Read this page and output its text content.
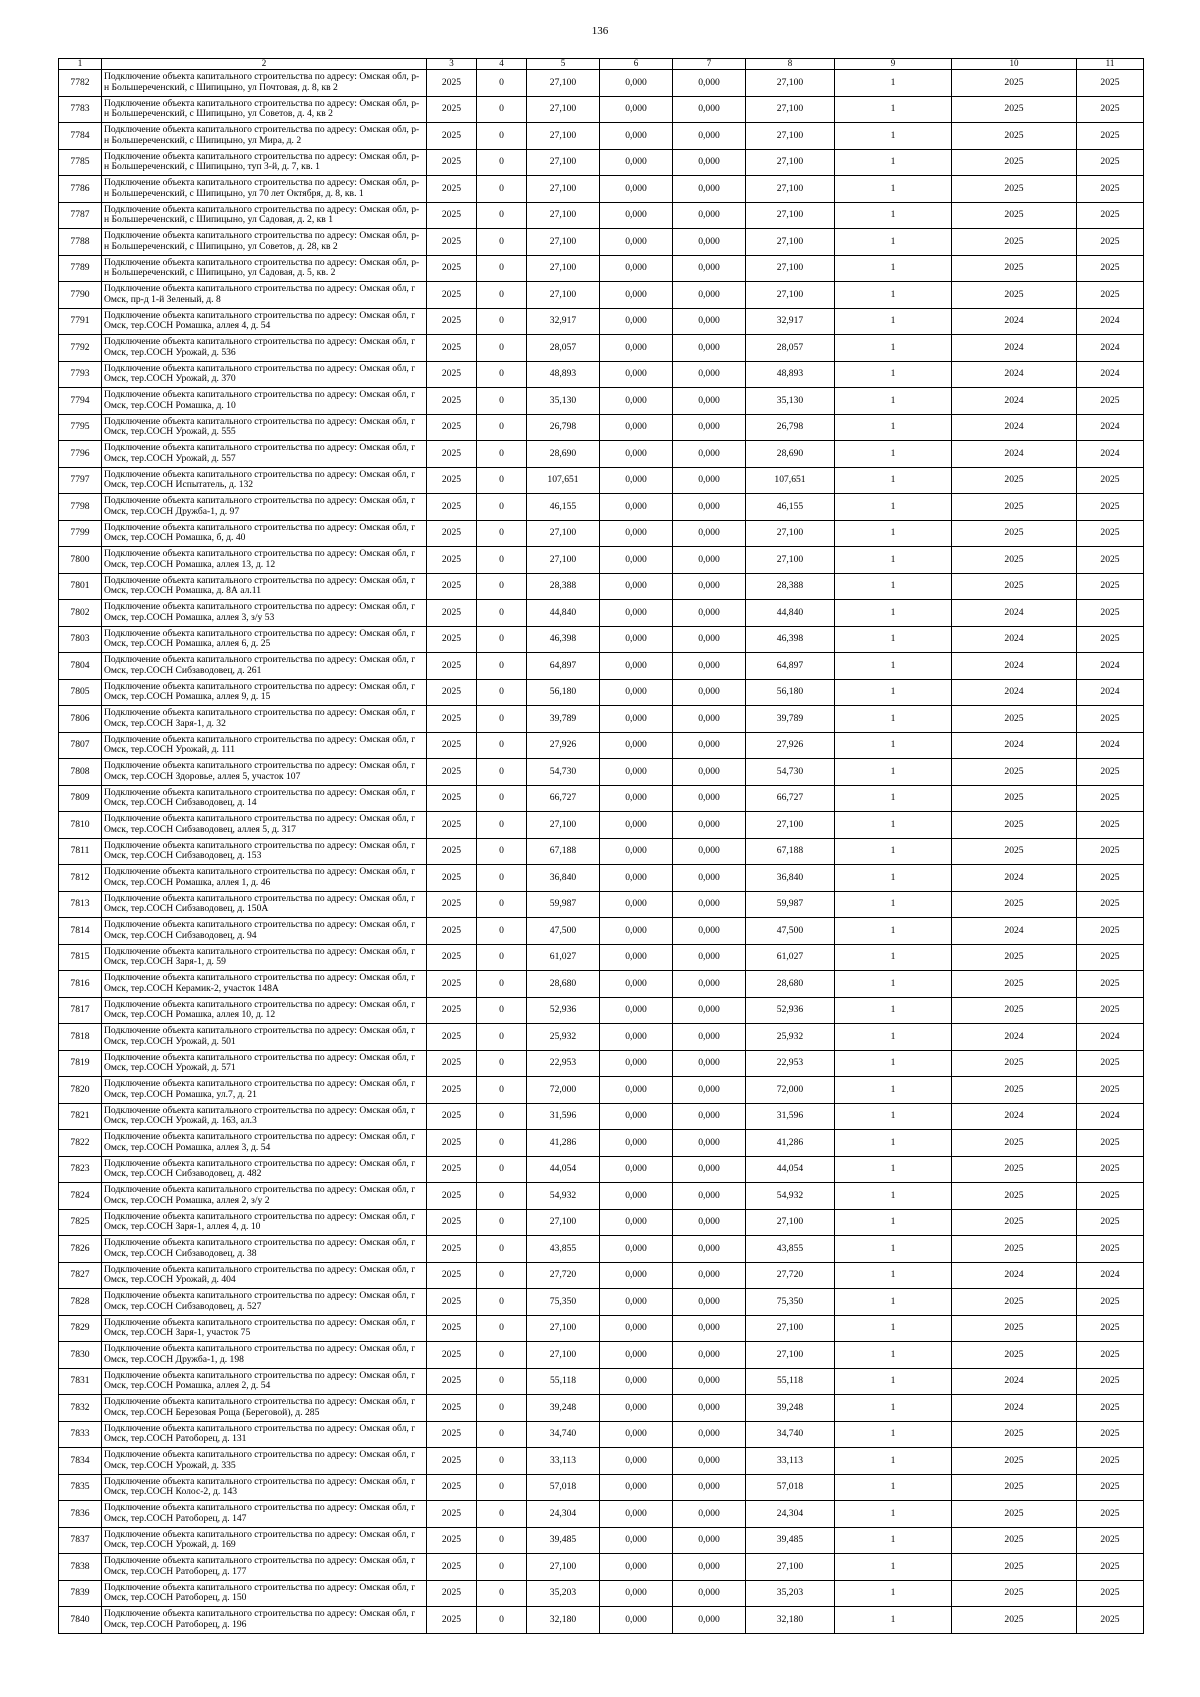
136
1	2	3	4	5	6	7	8	9	10	11
7782	Подключение объекта капитального строительства по адресу: Омская обл, р-н Большереченский, с Шипицыно, ул Почтовая, д. 8, кв 2	2025	0	27,100	0,000	0,000	27,100	1	2025	2025
7783	Подключение объекта капитального строительства по адресу: Омская обл, р-н Большереченский, с Шипицыно, ул Советов, д. 4, кв 2	2025	0	27,100	0,000	0,000	27,100	1	2025	2025
7784	Подключение объекта капитального строительства по адресу: Омская обл, р-н Большереченский, с Шипицыно, ул Мира, д. 2	2025	0	27,100	0,000	0,000	27,100	1	2025	2025
7785	Подключение объекта капитального строительства по адресу: Омская обл, р-н Большереченский, с Шипицыно, туп 3-й, д. 7, кв. 1	2025	0	27,100	0,000	0,000	27,100	1	2025	2025
7786	Подключение объекта капитального строительства по адресу: Омская обл, р-н Большереченский, с Шипицыно, ул 70 лет Октября, д. 8, кв. 1	2025	0	27,100	0,000	0,000	27,100	1	2025	2025
7787	Подключение объекта капитального строительства по адресу: Омская обл, р-н Большереченский, с Шипицыно, ул Садовая, д. 2, кв 1	2025	0	27,100	0,000	0,000	27,100	1	2025	2025
7788	Подключение объекта капитального строительства по адресу: Омская обл, р-н Большереченский, с Шипицыно, ул Советов, д. 28, кв 2	2025	0	27,100	0,000	0,000	27,100	1	2025	2025
7789	Подключение объекта капитального строительства по адресу: Омская обл, р-н Большереченский, с Шипицыно, ул Садовая, д. 5, кв. 2	2025	0	27,100	0,000	0,000	27,100	1	2025	2025
7790	Подключение объекта капитального строительства по адресу: Омская обл, г Омск, пр-д 1-й Зеленый, д. 8	2025	0	27,100	0,000	0,000	27,100	1	2025	2025
7791	Подключение объекта капитального строительства по адресу: Омская обл, г Омск, тер.СОСН Ромашка, аллея 4, д. 54	2025	0	32,917	0,000	0,000	32,917	1	2024	2024
7792	Подключение объекта капитального строительства по адресу: Омская обл, г Омск, тер.СОСН Урожай, д. 536	2025	0	28,057	0,000	0,000	28,057	1	2024	2024
7793	Подключение объекта капитального строительства по адресу: Омская обл, г Омск, тер.СОСН Урожай, д. 370	2025	0	48,893	0,000	0,000	48,893	1	2024	2024
7794	Подключение объекта капитального строительства по адресу: Омская обл, г Омск, тер.СОСН Ромашка, д. 10	2025	0	35,130	0,000	0,000	35,130	1	2024	2025
7795	Подключение объекта капитального строительства по адресу: Омская обл, г Омск, тер.СОСН Урожай, д. 555	2025	0	26,798	0,000	0,000	26,798	1	2024	2024
7796	Подключение объекта капитального строительства по адресу: Омская обл, г Омск, тер.СОСН Урожай, д. 557	2025	0	28,690	0,000	0,000	28,690	1	2024	2024
7797	Подключение объекта капитального строительства по адресу: Омская обл, г Омск, тер.СОСН Испытатель, д. 132	2025	0	107,651	0,000	0,000	107,651	1	2025	2025
7798	Подключение объекта капитального строительства по адресу: Омская обл, г Омск, тер.СОСН Дружба-1, д. 97	2025	0	46,155	0,000	0,000	46,155	1	2025	2025
7799	Подключение объекта капитального строительства по адресу: Омская обл, г Омск, тер.СОСН Ромашка, б, д. 40	2025	0	27,100	0,000	0,000	27,100	1	2025	2025
7800	Подключение объекта капитального строительства по адресу: Омская обл, г Омск, тер.СОСН Ромашка, аллея 13, д. 12	2025	0	27,100	0,000	0,000	27,100	1	2025	2025
7801	Подключение объекта капитального строительства по адресу: Омская обл, г Омск, тер.СОСН Ромашка, д. 8А ал.11	2025	0	28,388	0,000	0,000	28,388	1	2025	2025
7802	Подключение объекта капитального строительства по адресу: Омская обл, г Омск, тер.СОСН Ромашка, аллея 3, з/у 53	2025	0	44,840	0,000	0,000	44,840	1	2024	2025
7803	Подключение объекта капитального строительства по адресу: Омская обл, г Омск, тер.СОСН Ромашка, аллея 6, д. 25	2025	0	46,398	0,000	0,000	46,398	1	2024	2025
7804	Подключение объекта капитального строительства по адресу: Омская обл, г Омск, тер.СОСН Сибзаводовец, д. 261	2025	0	64,897	0,000	0,000	64,897	1	2024	2024
7805	Подключение объекта капитального строительства по адресу: Омская обл, г Омск, тер.СОСН Ромашка, аллея 9, д. 15	2025	0	56,180	0,000	0,000	56,180	1	2024	2024
7806	Подключение объекта капитального строительства по адресу: Омская обл, г Омск, тер.СОСН Заря-1, д. 32	2025	0	39,789	0,000	0,000	39,789	1	2025	2025
7807	Подключение объекта капитального строительства по адресу: Омская обл, г Омск, тер.СОСН Урожай, д. 111	2025	0	27,926	0,000	0,000	27,926	1	2024	2024
7808	Подключение объекта капитального строительства по адресу: Омская обл, г Омск, тер.СОСН Здоровье, аллея 5, участок 107	2025	0	54,730	0,000	0,000	54,730	1	2025	2025
7809	Подключение объекта капитального строительства по адресу: Омская обл, г Омск, тер.СОСН Сибзаводовец, д. 14	2025	0	66,727	0,000	0,000	66,727	1	2025	2025
7810	Подключение объекта капитального строительства по адресу: Омская обл, г Омск, тер.СОСН Сибзаводовец, аллея 5, д. 317	2025	0	27,100	0,000	0,000	27,100	1	2025	2025
7811	Подключение объекта капитального строительства по адресу: Омская обл, г Омск, тер.СОСН Сибзаводовец, д. 153	2025	0	67,188	0,000	0,000	67,188	1	2025	2025
7812	Подключение объекта капитального строительства по адресу: Омская обл, г Омск, тер.СОСН Ромашка, аллея 1, д. 46	2025	0	36,840	0,000	0,000	36,840	1	2024	2025
7813	Подключение объекта капитального строительства по адресу: Омская обл, г Омск, тер.СОСН Сибзаводовец, д. 150А	2025	0	59,987	0,000	0,000	59,987	1	2025	2025
7814	Подключение объекта капитального строительства по адресу: Омская обл, г Омск, тер.СОСН Сибзаводовец, д. 94	2025	0	47,500	0,000	0,000	47,500	1	2024	2025
7815	Подключение объекта капитального строительства по адресу: Омская обл, г Омск, тер.СОСН Заря-1, д. 59	2025	0	61,027	0,000	0,000	61,027	1	2025	2025
7816	Подключение объекта капитального строительства по адресу: Омская обл, г Омск, тер.СОСН Керамик-2, участок 148А	2025	0	28,680	0,000	0,000	28,680	1	2025	2025
7817	Подключение объекта капитального строительства по адресу: Омская обл, г Омск, тер.СОСН Ромашка, аллея 10, д. 12	2025	0	52,936	0,000	0,000	52,936	1	2025	2025
7818	Подключение объекта капитального строительства по адресу: Омская обл, г Омск, тер.СОСН Урожай, д. 501	2025	0	25,932	0,000	0,000	25,932	1	2024	2024
7819	Подключение объекта капитального строительства по адресу: Омская обл, г Омск, тер.СОСН Урожай, д. 571	2025	0	22,953	0,000	0,000	22,953	1	2025	2025
7820	Подключение объекта капитального строительства по адресу: Омская обл, г Омск, тер.СОСН Ромашка, ул.7, д. 21	2025	0	72,000	0,000	0,000	72,000	1	2025	2025
7821	Подключение объекта капитального строительства по адресу: Омская обл, г Омск, тер.СОСН Урожай, д. 163, ал.3	2025	0	31,596	0,000	0,000	31,596	1	2024	2024
7822	Подключение объекта капитального строительства по адресу: Омская обл, г Омск, тер.СОСН Ромашка, аллея 3, д. 54	2025	0	41,286	0,000	0,000	41,286	1	2025	2025
7823	Подключение объекта капитального строительства по адресу: Омская обл, г Омск, тер.СОСН Сибзаводовец, д. 482	2025	0	44,054	0,000	0,000	44,054	1	2025	2025
7824	Подключение объекта капитального строительства по адресу: Омская обл, г Омск, тер.СОСН Ромашка, аллея 2, з/у 2	2025	0	54,932	0,000	0,000	54,932	1	2025	2025
7825	Подключение объекта капитального строительства по адресу: Омская обл, г Омск, тер.СОСН Заря-1, аллея 4, д. 10	2025	0	27,100	0,000	0,000	27,100	1	2025	2025
7826	Подключение объекта капитального строительства по адресу: Омская обл, г Омск, тер.СОСН Сибзаводовец, д. 38	2025	0	43,855	0,000	0,000	43,855	1	2025	2025
7827	Подключение объекта капитального строительства по адресу: Омская обл, г Омск, тер.СОСН Урожай, д. 404	2025	0	27,720	0,000	0,000	27,720	1	2024	2024
7828	Подключение объекта капитального строительства по адресу: Омская обл, г Омск, тер.СОСН Сибзаводовец, д. 527	2025	0	75,350	0,000	0,000	75,350	1	2025	2025
7829	Подключение объекта капитального строительства по адресу: Омская обл, г Омск, тер.СОСН Заря-1, участок 75	2025	0	27,100	0,000	0,000	27,100	1	2025	2025
7830	Подключение объекта капитального строительства по адресу: Омская обл, г Омск, тер.СОСН Дружба-1, д. 198	2025	0	27,100	0,000	0,000	27,100	1	2025	2025
7831	Подключение объекта капитального строительства по адресу: Омская обл, г Омск, тер.СОСН Ромашка, аллея 2, д. 54	2025	0	55,118	0,000	0,000	55,118	1	2024	2025
7832	Подключение объекта капитального строительства по адресу: Омская обл, г Омск, тер.СОСН Березовая Роща (Береговой), д. 285	2025	0	39,248	0,000	0,000	39,248	1	2024	2025
7833	Подключение объекта капитального строительства по адресу: Омская обл, г Омск, тер.СОСН Ратоборец, д. 131	2025	0	34,740	0,000	0,000	34,740	1	2025	2025
7834	Подключение объекта капитального строительства по адресу: Омская обл, г Омск, тер.СОСН Урожай, д. 335	2025	0	33,113	0,000	0,000	33,113	1	2025	2025
7835	Подключение объекта капитального строительства по адресу: Омская обл, г Омск, тер.СОСН Колос-2, д. 143	2025	0	57,018	0,000	0,000	57,018	1	2025	2025
7836	Подключение объекта капитального строительства по адресу: Омская обл, г Омск, тер.СОСН Ратоборец, д. 147	2025	0	24,304	0,000	0,000	24,304	1	2025	2025
7837	Подключение объекта капитального строительства по адресу: Омская обл, г Омск, тер.СОСН Урожай, д. 169	2025	0	39,485	0,000	0,000	39,485	1	2025	2025
7838	Подключение объекта капитального строительства по адресу: Омская обл, г Омск, тер.СОСН Ратоборец, д. 177	2025	0	27,100	0,000	0,000	27,100	1	2025	2025
7839	Подключение объекта капитального строительства по адресу: Омская обл, г Омск, тер.СОСН Ратоборец, д. 150	2025	0	35,203	0,000	0,000	35,203	1	2025	2025
7840	Подключение объекта капитального строительства по адресу: Омская обл, г Омск, тер.СОСН Ратоборец, д. 196	2025	0	32,180	0,000	0,000	32,180	1	2025	2025
